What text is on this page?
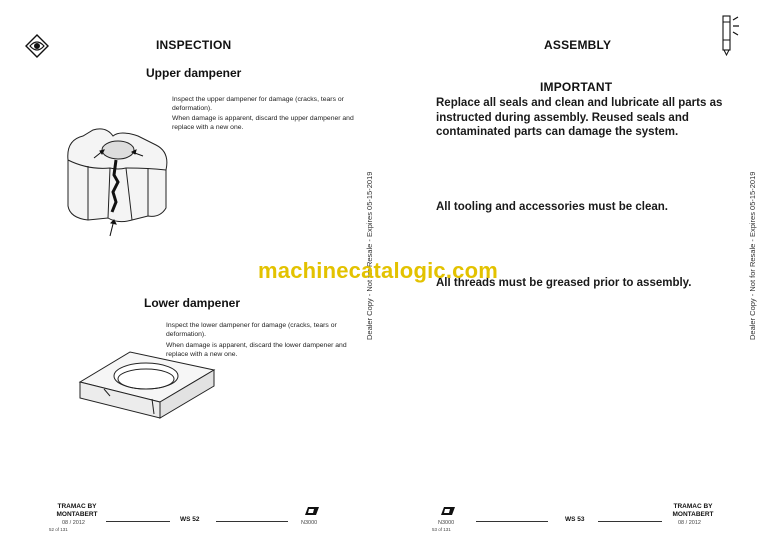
INSPECTION
Upper dampener
Inspect the upper dampener for damage (cracks, tears or deformation).
When damage is apparent, discard the upper dampener and replace with a new one.
Lower dampener
Inspect the lower dampener for damage (cracks, tears or deformation).
When damage is apparent, discard the lower dampener and replace with a new one.
Dealer Copy - Not for Resale - Expires 05-15-2019
TRAMAC BY
MONTABERT
08 / 2012
52 of 131
WS 52	N3000
ASSEMBLY
IMPORTANT
Replace all seals and clean and lubricate all parts as instructed during assembly. Reused seals and contaminated parts can damage the system.
All tooling and accessories must be clean.
All threads must be greased prior to assembly.	Dealer Copy - Not for Resale - Expires 05-15-2019
N3000
53 of 131
WS 53
TRAMAC BY
MONTABERT
08 / 2012
machinecatalogic.com
